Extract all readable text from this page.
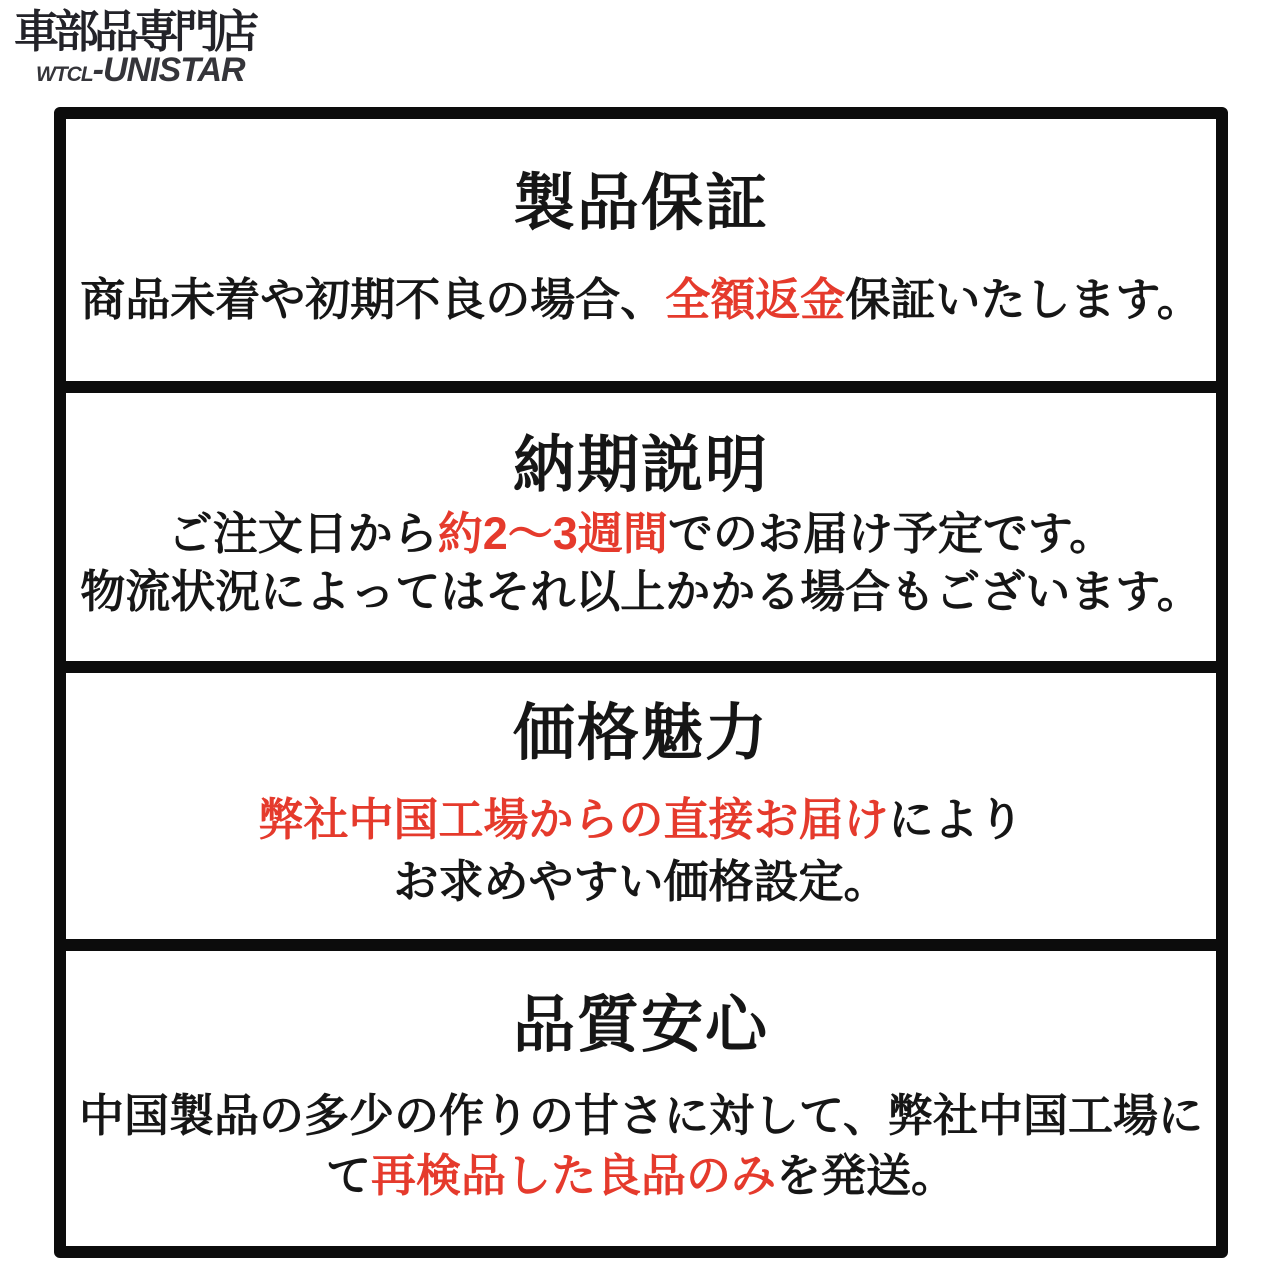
車部品専門店
WTCL-UNISTAR
製品保証

商品未着や初期不良の場合、全額返金保証いたします。

納期説明

ご注文日から約2〜3週間でのお届け予定です。

物流状況によってはそれ以上かかる場合もございます。

価格魅力

弊社中国工場からの直接お届けにより

お求めやすい価格設定。

品質安心

中国製品の多少の作りの甘さに対して、弊社中国工場に

て再検品した良品のみを発送。
